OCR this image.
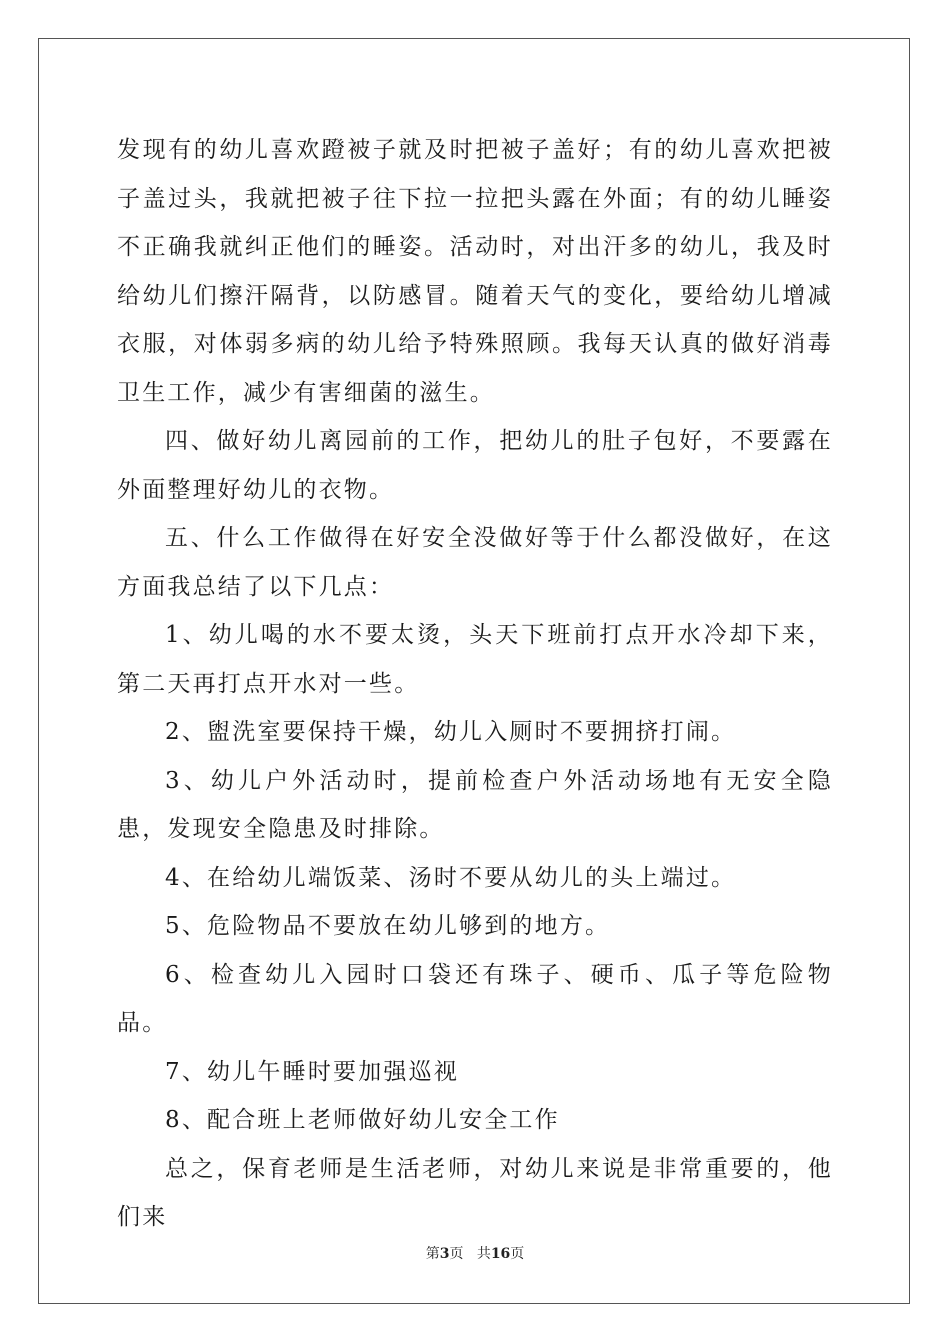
发现有的幼儿喜欢蹬被子就及时把被子盖好；有的幼儿喜欢把被子盖过头，我就把被子往下拉一拉把头露在外面；有的幼儿睡姿不正确我就纠正他们的睡姿。活动时，对出汗多的幼儿，我及时给幼儿们擦汗隔背，以防感冒。随着天气的变化，要给幼儿增减衣服，对体弱多病的幼儿给予特殊照顾。我每天认真的做好消毒卫生工作，减少有害细菌的滋生。

四、做好幼儿离园前的工作，把幼儿的肚子包好，不要露在外面整理好幼儿的衣物。

五、什么工作做得在好安全没做好等于什么都没做好，在这方面我总结了以下几点：

1、幼儿喝的水不要太烫，头天下班前打点开水冷却下来，第二天再打点开水对一些。

2、盥洗室要保持干燥，幼儿入厕时不要拥挤打闹。

3、幼儿户外活动时，提前检查户外活动场地有无安全隐患，发现安全隐患及时排除。

4、在给幼儿端饭菜、汤时不要从幼儿的头上端过。

5、危险物品不要放在幼儿够到的地方。

6、检查幼儿入园时口袋还有珠子、硬币、瓜子等危险物品。

7、幼儿午睡时要加强巡视

8、配合班上老师做好幼儿安全工作

总之，保育老师是生活老师，对幼儿来说是非常重要的，他们来

第3页 共16页
